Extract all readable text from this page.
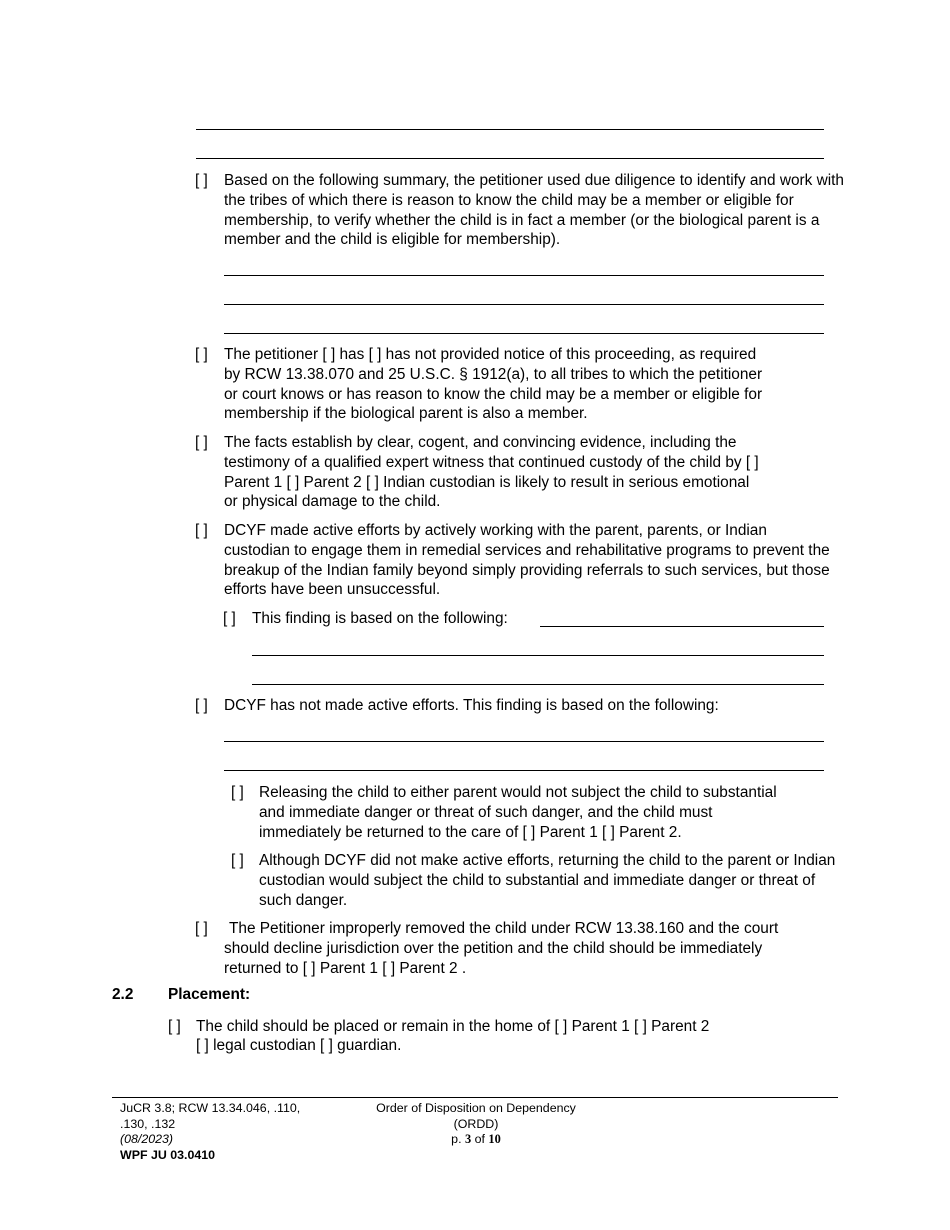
[ ] Based on the following summary, the petitioner used due diligence to identify and work with the tribes of which there is reason to know the child may be a member or eligible for membership, to verify whether the child is in fact a member (or the biological parent is a member and the child is eligible for membership).
[ ] The petitioner [ ] has [ ] has not provided notice of this proceeding, as required
by RCW 13.38.070 and 25 U.S.C. § 1912(a), to all tribes to which the petitioner
or court knows or has reason to know the child may be a member or eligible for
membership if the biological parent is also a member.
[ ] The facts establish by clear, cogent, and convincing evidence, including the
testimony of a qualified expert witness that continued custody of the child by [ ]
Parent 1 [ ] Parent 2 [ ] Indian custodian is likely to result in serious emotional
or physical damage to the child.
[ ] DCYF made active efforts by actively working with the parent, parents, or Indian custodian to engage them in remedial services and rehabilitative programs to prevent the breakup of the Indian family beyond simply providing referrals to such services, but those efforts have been unsuccessful.
[ ] This finding is based on the following:
[ ] DCYF has not made active efforts. This finding is based on the following:
[ ] Releasing the child to either parent would not subject the child to substantial
and immediate danger or threat of such danger, and the child must
immediately be returned to the care of [ ] Parent 1 [ ] Parent 2.
[ ] Although DCYF did not make active efforts, returning the child to the parent or Indian custodian would subject the child to substantial and immediate danger or threat of such danger.
[ ]	The Petitioner improperly removed the child under RCW 13.38.160 and the court
should decline jurisdiction over the petition and the child should be immediately
returned to [ ] Parent 1 [ ] Parent 2 .
2.2 Placement:
[ ] The child should be placed or remain in the home of [ ] Parent 1 [ ] Parent 2
[ ] legal custodian [ ] guardian.
JuCR 3.8; RCW 13.34.046, .110,
.130, .132
(08/2023)
WPF JU 03.0410
Order of Disposition on Dependency
(ORDD)
p. 3 of 10
